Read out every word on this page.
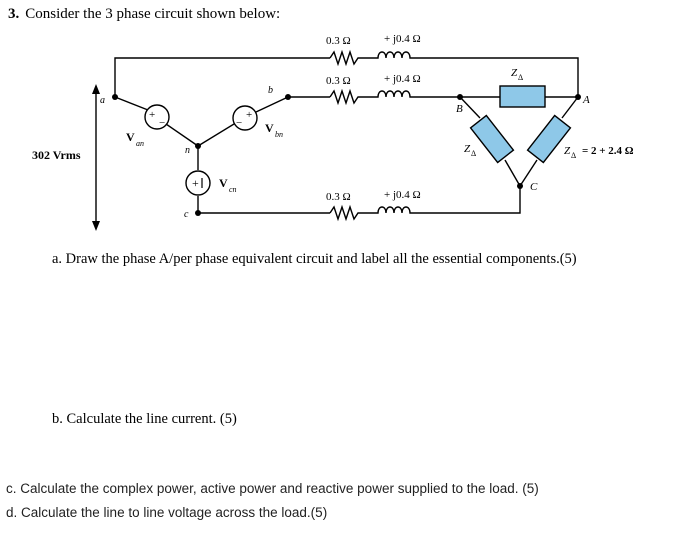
3. Consider the 3 phase circuit shown below:
+
−	−
+
+
0.3 Ω	+ j0.4 Ω
0.3 Ω	+ j0.4 Ω
0.3 Ω	+ j0.4 Ω
a
b
n
c
A
B
C
V an
V bn
V cn
302 Vrms
Z Δ
Z Δ	Z Δ = 2 + 2.4 Ω
a. Draw the phase A/per phase equivalent circuit and label all the essential components.(5)
b. Calculate the line current. (5)
c. Calculate the complex power, active power and reactive power supplied to the load. (5)
d. Calculate the line to line voltage across the load.(5)
